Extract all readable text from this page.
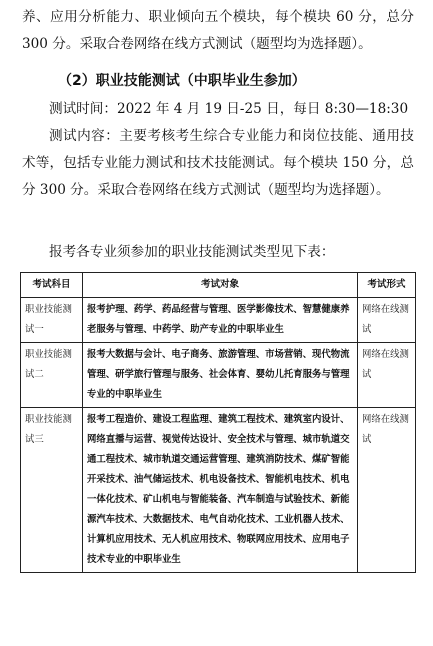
养、应用分析能力、职业倾向五个模块，每个模块 60 分，总分 300 分。采取合卷网络在线方式测试（题型均为选择题）。

（2）职业技能测试（中职毕业生参加）

测试时间：2022 年 4 月 19 日-25 日，每日 8:30—18:30

测试内容：主要考核考生综合专业能力和岗位技能、通用技术等，包括专业能力测试和技术技能测试。每个模块 150 分，总分 300 分。采取合卷网络在线方式测试（题型均为选择题）。

报考各专业须参加的职业技能测试类型见下表：

考试科目	考试对象	考试形式
职业技能测试一	报考护理、药学、药品经营与管理、医学影像技术、智慧健康养老服务与管理、中药学、助产专业的中职毕业生	网络在线测试
职业技能测试二	报考大数据与会计、电子商务、旅游管理、市场营销、现代物流管理、研学旅行管理与服务、社会体育、婴幼儿托育服务与管理专业的中职毕业生	网络在线测试
职业技能测试三	报考工程造价、建设工程监理、建筑工程技术、建筑室内设计、网络直播与运营、视觉传达设计、安全技术与管理、城市轨道交通工程技术、城市轨道交通运营管理、建筑消防技术、煤矿智能开采技术、油气储运技术、机电设备技术、智能机电技术、机电一体化技术、矿山机电与智能装备、汽车制造与试验技术、新能源汽车技术、大数据技术、电气自动化技术、工业机器人技术、计算机应用技术、无人机应用技术、物联网应用技术、应用电子技术专业的中职毕业生	网络在线测试
